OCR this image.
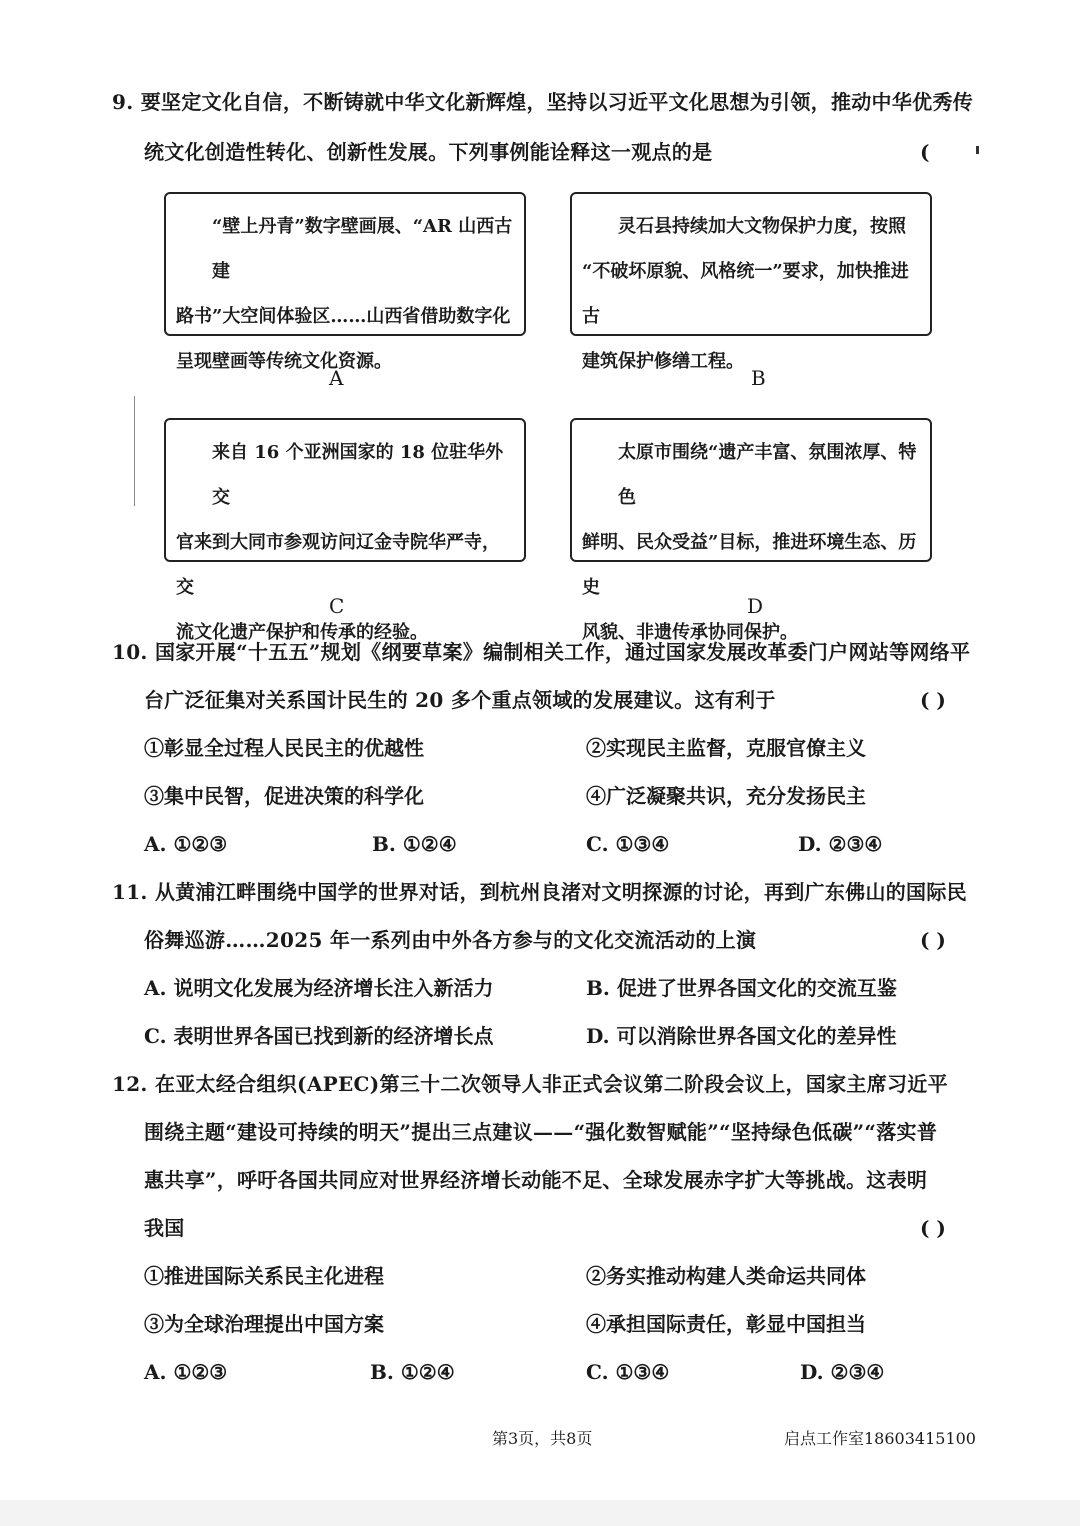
9. 要坚定文化自信，不断铸就中华文化新辉煌，坚持以习近平文化思想为引领，推动中华优秀传
统文化创造性转化、创新性发展。下列事例能诠释这一观点的是	(

“壁上丹青”数字壁画展、“AR 山西古建

路书”大空间体验区……山西省借助数字化

呈现壁画等传统文化资源。

A

灵石县持续加大文物保护力度，按照

“不破坏原貌、风格统一”要求，加快推进古

建筑保护修缮工程。

B

来自 16 个亚洲国家的 18 位驻华外交

官来到大同市参观访问辽金寺院华严寺，交

流文化遗产保护和传承的经验。

C

太原市围绕“遗产丰富、氛围浓厚、特色

鲜明、民众受益”目标，推进环境生态、历史

风貌、非遗传承协同保护。

D
10. 国家开展“十五五”规划《纲要草案》编制相关工作，通过国家发展改革委门户网站等网络平
台广泛征集对关系国计民生的 20 多个重点领域的发展建议。这有利于	( )
①彰显全过程人民民主的优越性	②实现民主监督，克服官僚主义
③集中民智，促进决策的科学化	④广泛凝聚共识，充分发扬民主
A. ①②③	B. ①②④	C. ①③④	D. ②③④
11. 从黄浦江畔围绕中国学的世界对话，到杭州良渚对文明探源的讨论，再到广东佛山的国际民
俗舞巡游……2025 年一系列由中外各方参与的文化交流活动的上演	( )
A. 说明文化发展为经济增长注入新活力	B. 促进了世界各国文化的交流互鉴
C. 表明世界各国已找到新的经济增长点	D. 可以消除世界各国文化的差异性
12. 在亚太经合组织(APEC)第三十二次领导人非正式会议第二阶段会议上，国家主席习近平
围绕主题“建设可持续的明天”提出三点建议——“强化数智赋能”“坚持绿色低碳”“落实普
惠共享”，呼吁各国共同应对世界经济增长动能不足、全球发展赤字扩大等挑战。这表明
我国	( )
①推进国际关系民主化进程	②务实推动构建人类命运共同体
③为全球治理提出中国方案	④承担国际责任，彰显中国担当
A. ①②③	B. ①②④	C. ①③④	D. ②③④
第3页，共8页	启点工作室18603415100
